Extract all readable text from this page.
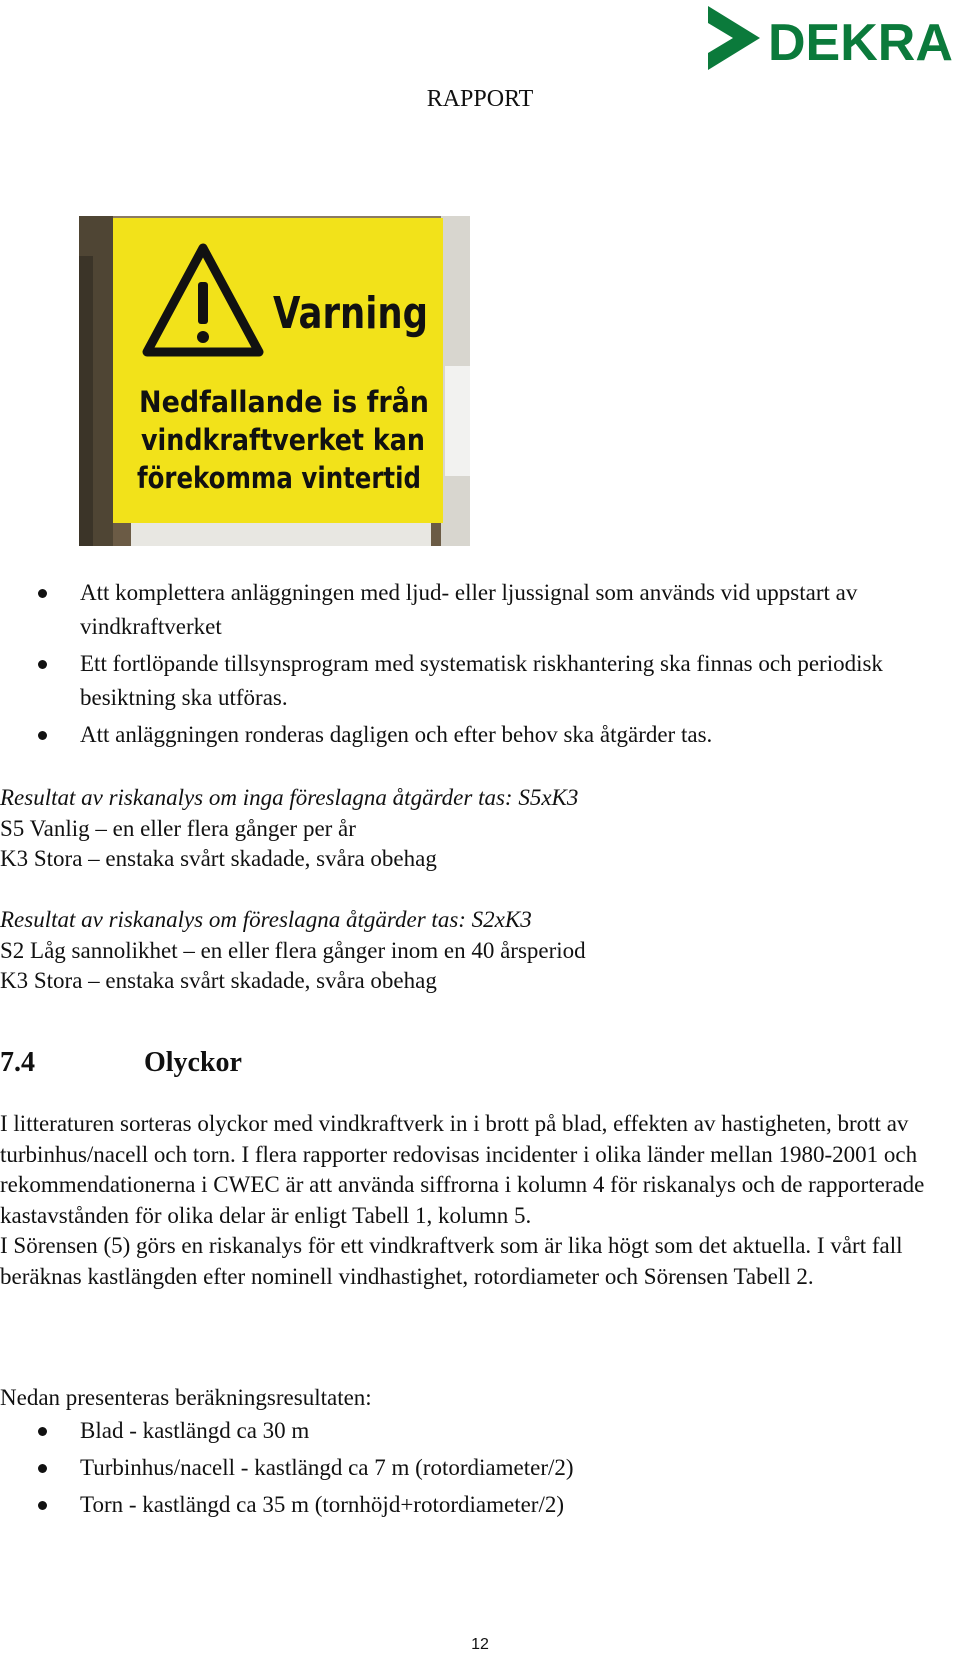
DEKRA
RAPPORT
Varning
Nedfallande is från
vindkraftverket kan
förekomma vintertid
Att komplettera anläggningen med ljud- eller ljussignal som används vid uppstart av vindkraftverket
Ett fortlöpande tillsynsprogram med systematisk riskhantering ska finnas och periodisk besiktning ska utföras.
Att anläggningen ronderas dagligen och efter behov ska åtgärder tas.

Resultat av riskanalys om inga föreslagna åtgärder tas: S5xK3

S5 Vanlig – en eller flera gånger per år

K3 Stora – enstaka svårt skadade, svåra obehag

Resultat av riskanalys om föreslagna åtgärder tas: S2xK3

S2 Låg sannolikhet – en eller flera gånger inom en 40 årsperiod

K3 Stora – enstaka svårt skadade, svåra obehag

7.4	Olyckor

I litteraturen sorteras olyckor med vindkraftverk in i brott på blad, effekten av hastigheten, brott av turbinhus/nacell och torn. I flera rapporter redovisas incidenter i olika länder mellan 1980-2001 och rekommendationerna i CWEC är att använda siffrorna i kolumn 4 för riskanalys och de rapporterade kastavstånden för olika delar är enligt Tabell 1, kolumn 5.

I Sörensen (5) görs en riskanalys för ett vindkraftverk som är lika högt som det aktuella. I vårt fall beräknas kastlängden efter nominell vindhastighet, rotordiameter och Sörensen Tabell 2.

Nedan presenteras beräkningsresultaten:
Blad - kastlängd ca 30 m
Turbinhus/nacell - kastlängd ca 7 m (rotordiameter/2)
Torn - kastlängd ca 35 m (tornhöjd+rotordiameter/2)
12
